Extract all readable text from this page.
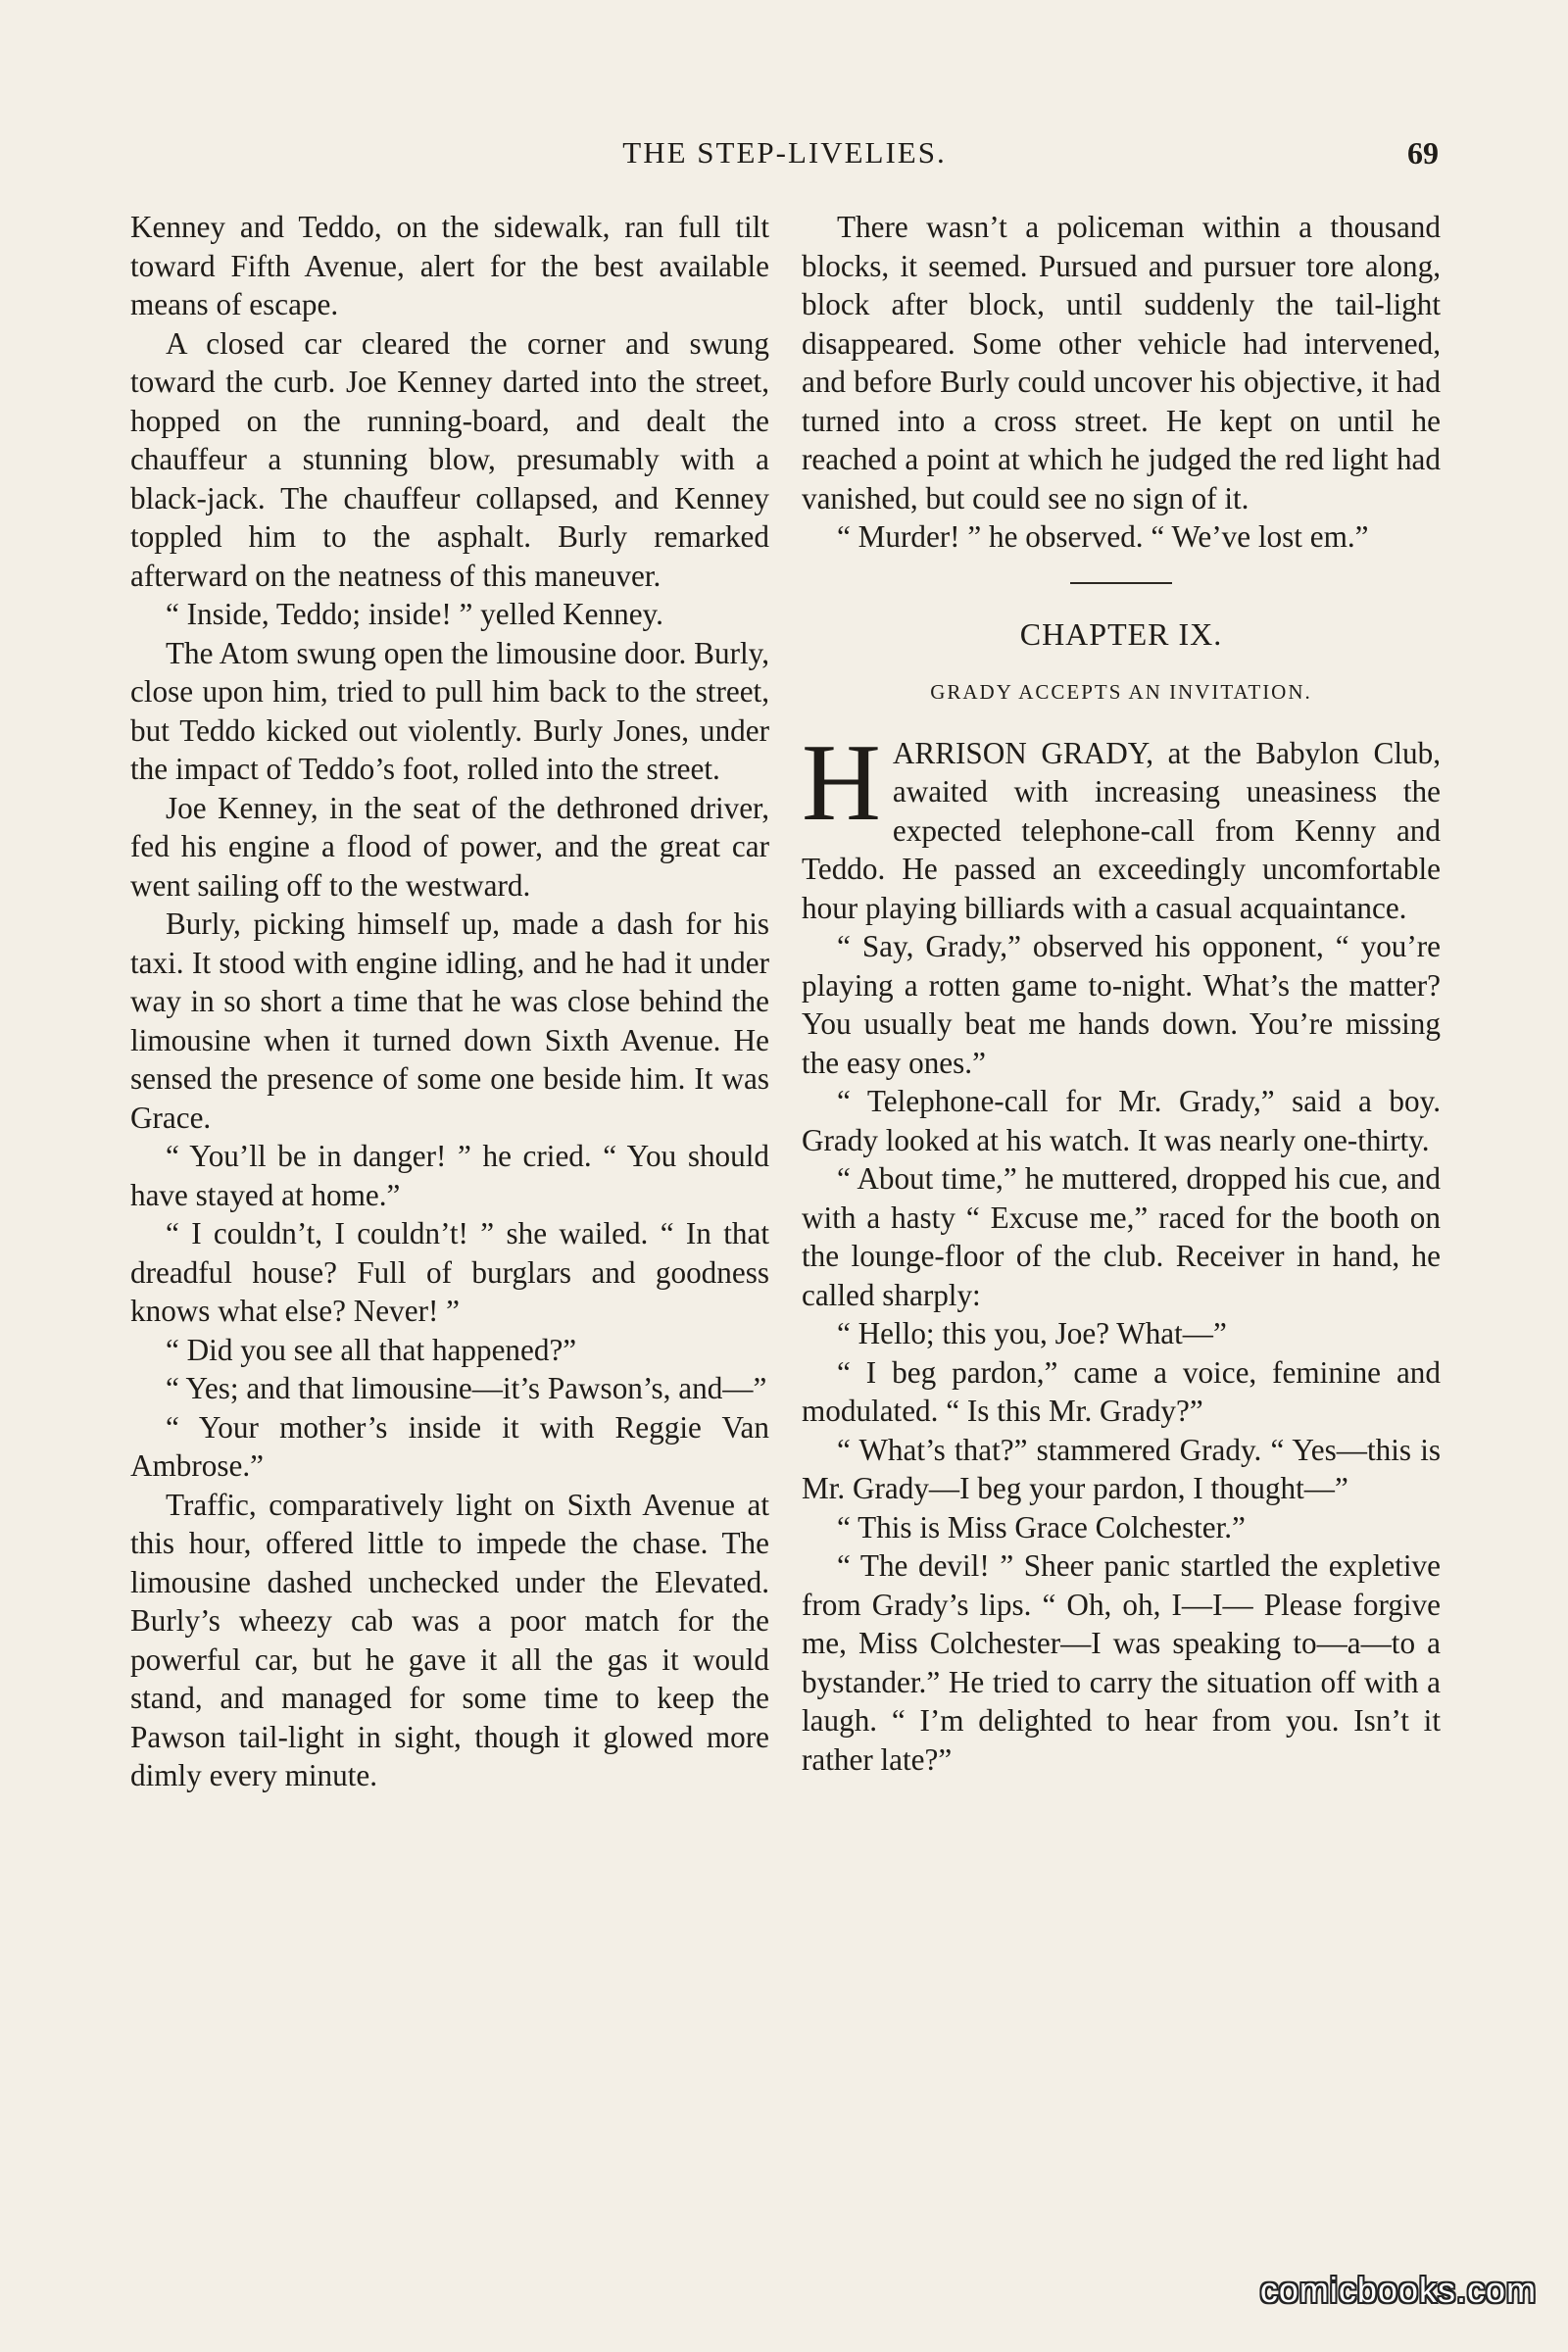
THE STEP-LIVELIES.	69

Kenney and Teddo, on the sidewalk, ran full tilt toward Fifth Avenue, alert for the best available means of escape.

A closed car cleared the corner and swung toward the curb. Joe Kenney darted into the street, hopped on the running-board, and dealt the chauffeur a stunning blow, presumably with a black-jack. The chauffeur collapsed, and Kenney toppled him to the asphalt. Burly remarked afterward on the neatness of this maneuver.

“ Inside, Teddo; inside! ” yelled Kenney.

The Atom swung open the limousine door. Burly, close upon him, tried to pull him back to the street, but Teddo kicked out violently. Burly Jones, under the impact of Teddo’s foot, rolled into the street.

Joe Kenney, in the seat of the dethroned driver, fed his engine a flood of power, and the great car went sailing off to the westward.

Burly, picking himself up, made a dash for his taxi. It stood with engine idling, and he had it under way in so short a time that he was close behind the limousine when it turned down Sixth Avenue. He sensed the presence of some one beside him. It was Grace.

“ You’ll be in danger! ” he cried. “ You should have stayed at home.”

“ I couldn’t, I couldn’t! ” she wailed. “ In that dreadful house? Full of burglars and goodness knows what else? Never! ”

“ Did you see all that happened?”

“ Yes; and that limousine—it’s Pawson’s, and—”

“ Your mother’s inside it with Reggie Van Ambrose.”

Traffic, comparatively light on Sixth Avenue at this hour, offered little to impede the chase. The limousine dashed unchecked under the Elevated. Burly’s wheezy cab was a poor match for the powerful car, but he gave it all the gas it would stand, and managed for some time to keep the Pawson tail-light in sight, though it glowed more dimly every minute.

There wasn’t a policeman within a thousand blocks, it seemed. Pursued and pursuer tore along, block after block, until suddenly the tail-light disappeared. Some other vehicle had intervened, and before Burly could uncover his objective, it had turned into a cross street. He kept on until he reached a point at which he judged the red light had vanished, but could see no sign of it.

“ Murder! ” he observed. “ We’ve lost em.”

CHAPTER IX.
GRADY ACCEPTS AN INVITATION.

HARRISON GRADY, at the Babylon Club, awaited with increasing uneasiness the expected telephone-call from Kenny and Teddo. He passed an exceedingly uncomfortable hour playing billiards with a casual acquaintance.

“ Say, Grady,” observed his opponent, “ you’re playing a rotten game to-night. What’s the matter? You usually beat me hands down. You’re missing the easy ones.”

“ Telephone-call for Mr. Grady,” said a boy. Grady looked at his watch. It was nearly one-thirty.

“ About time,” he muttered, dropped his cue, and with a hasty “ Excuse me,” raced for the booth on the lounge-floor of the club. Receiver in hand, he called sharply:

“ Hello; this you, Joe? What—”

“ I beg pardon,” came a voice, feminine and modulated. “ Is this Mr. Grady?”

“ What’s that?” stammered Grady. “ Yes—this is Mr. Grady—I beg your pardon, I thought—”

“ This is Miss Grace Colchester.”

“ The devil! ” Sheer panic startled the expletive from Grady’s lips. “ Oh, oh, I—I— Please forgive me, Miss Colchester—I was speaking to—a—to a bystander.” He tried to carry the situation off with a laugh. “ I’m delighted to hear from you. Isn’t it rather late?”

comicbooks.com
